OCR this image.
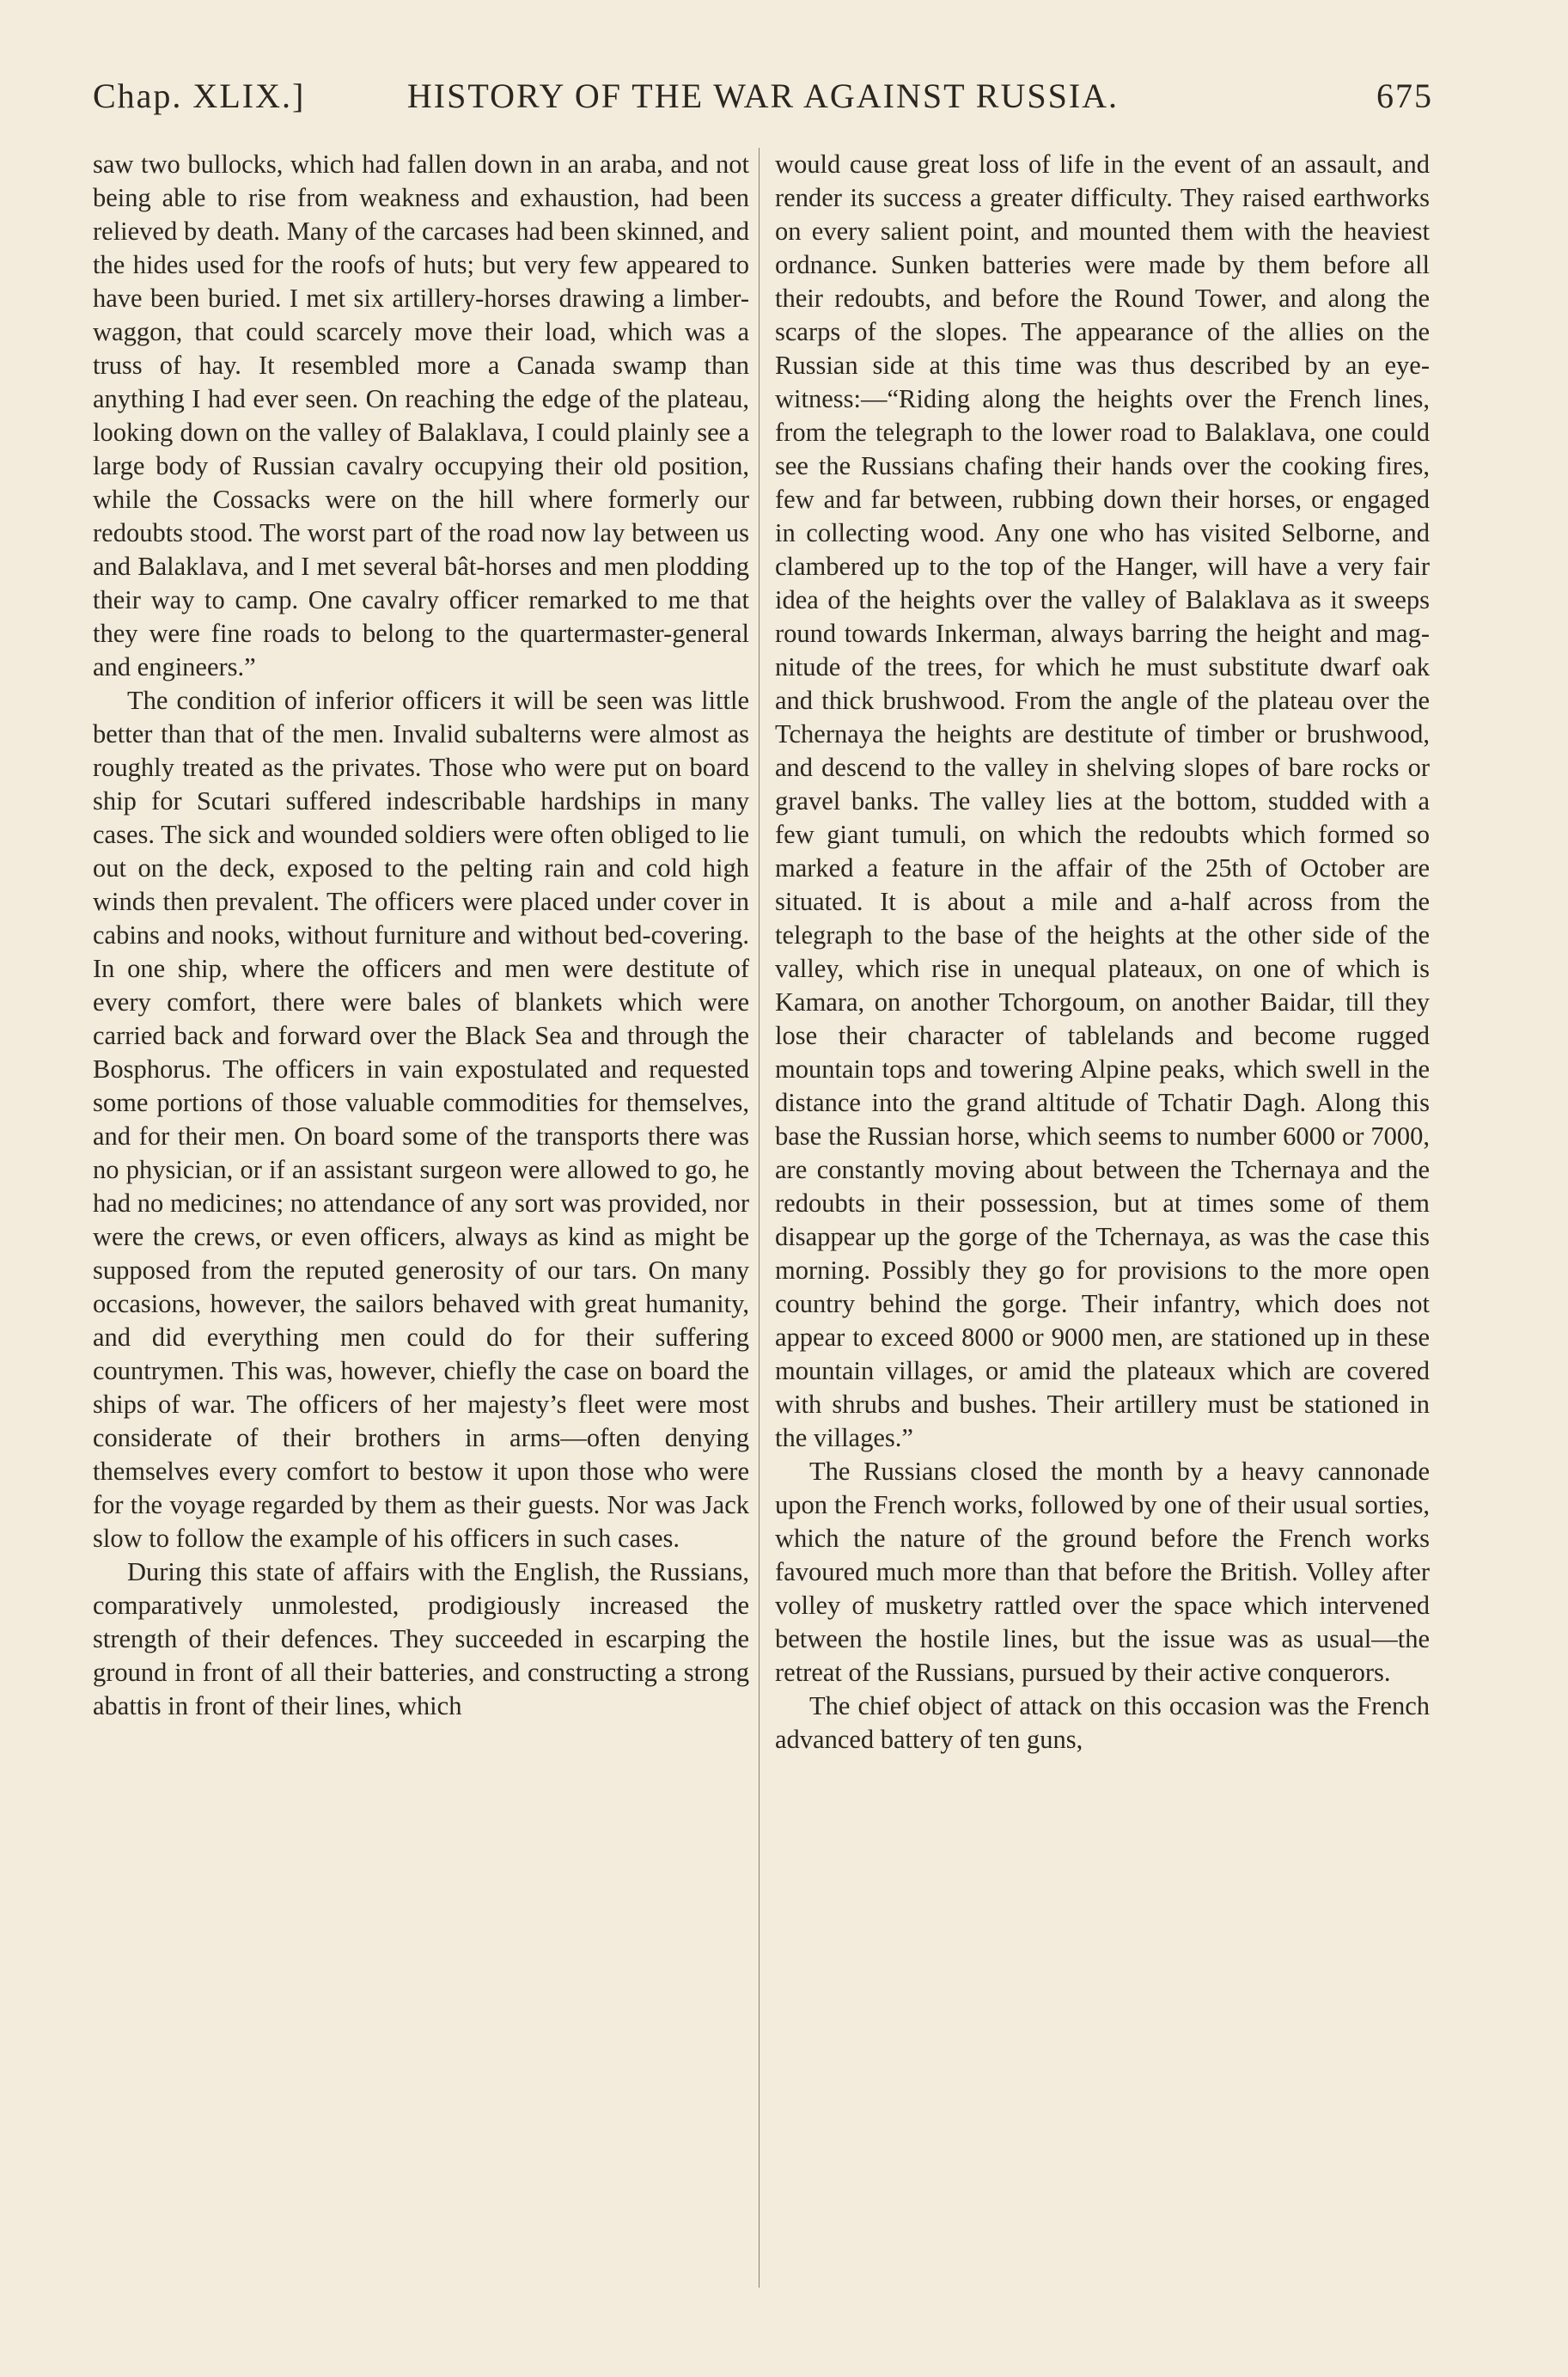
Chap. XLIX.]	HISTORY OF THE WAR AGAINST RUSSIA.	675

saw two bullocks, which had fallen down in an araba, and not being able to rise from weakness and exhaustion, had been relieved by death. Many of the carcases had been skinned, and the hides used for the roofs of huts; but very few appeared to have been buried. I met six artillery-horses drawing a limber-waggon, that could scarcely move their load, which was a truss of hay. It resembled more a Canada swamp than anything I had ever seen. On reaching the edge of the plateau, looking down on the valley of Balaklava, I could plainly see a large body of Russian cavalry occupying their old position, while the Cossacks were on the hill where formerly our redoubts stood. The worst part of the road now lay between us and Balaklava, and I met several bât-horses and men plodding their way to camp. One cavalry officer remarked to me that they were fine roads to belong to the quartermaster-general and engineers.”

The condition of inferior officers it will be seen was little better than that of the men. Invalid subalterns were almost as roughly treated as the privates. Those who were put on board ship for Scutari suffered indescribable hardships in many cases. The sick and wounded soldiers were often obliged to lie out on the deck, exposed to the pelting rain and cold high winds then prevalent. The officers were placed under cover in cabins and nooks, without furniture and without bed-covering. In one ship, where the officers and men were destitute of every comfort, there were bales of blankets which were carried back and forward over the Black Sea and through the Bosphorus. The officers in vain expostulated and requested some portions of those valuable commodities for themselves, and for their men. On board some of the transports there was no physician, or if an assistant surgeon were allowed to go, he had no medicines; no attendance of any sort was provided, nor were the crews, or even officers, always as kind as might be supposed from the reputed generosity of our tars. On many occasions, however, the sailors behaved with great humanity, and did everything men could do for their suffering countrymen. This was, however, chiefly the case on board the ships of war. The officers of her majesty’s fleet were most considerate of their brothers in arms—often denying themselves every comfort to bestow it upon those who were for the voyage regarded by them as their guests. Nor was Jack slow to follow the example of his officers in such cases.

During this state of affairs with the English, the Russians, comparatively unmolested, prodigiously increased the strength of their defences. They succeeded in escarping the ground in front of all their batteries, and constructing a strong abattis in front of their lines, which

would cause great loss of life in the event of an assault, and render its success a greater difficulty. They raised earthworks on every salient point, and mounted them with the heaviest ordnance. Sunken batteries were made by them before all their redoubts, and before the Round Tower, and along the scarps of the slopes. The appearance of the allies on the Russian side at this time was thus described by an eye-witness:—“Riding along the heights over the French lines, from the telegraph to the lower road to Balaklava, one could see the Russians chafing their hands over the cooking fires, few and far between, rubbing down their horses, or engaged in collecting wood. Any one who has visited Selborne, and clambered up to the top of the Hanger, will have a very fair idea of the heights over the valley of Balaklava as it sweeps round towards Inkerman, always barring the height and magnitude of the trees, for which he must substitute dwarf oak and thick brushwood. From the angle of the plateau over the Tchernaya the heights are destitute of timber or brushwood, and descend to the valley in shelving slopes of bare rocks or gravel banks. The valley lies at the bottom, studded with a few giant tumuli, on which the redoubts which formed so marked a feature in the affair of the 25th of October are situated. It is about a mile and a-half across from the telegraph to the base of the heights at the other side of the valley, which rise in unequal plateaux, on one of which is Kamara, on another Tchorgoum, on another Baidar, till they lose their character of tablelands and become rugged mountain tops and towering Alpine peaks, which swell in the distance into the grand altitude of Tchatir Dagh. Along this base the Russian horse, which seems to number 6000 or 7000, are constantly moving about between the Tchernaya and the redoubts in their possession, but at times some of them disappear up the gorge of the Tchernaya, as was the case this morning. Possibly they go for provisions to the more open country behind the gorge. Their infantry, which does not appear to exceed 8000 or 9000 men, are stationed up in these mountain villages, or amid the plateaux which are covered with shrubs and bushes. Their artillery must be stationed in the villages.”

The Russians closed the month by a heavy cannonade upon the French works, followed by one of their usual sorties, which the nature of the ground before the French works favoured much more than that before the British. Volley after volley of musketry rattled over the space which intervened between the hostile lines, but the issue was as usual—the retreat of the Russians, pursued by their active conquerors.

The chief object of attack on this occasion was the French advanced battery of ten guns,
